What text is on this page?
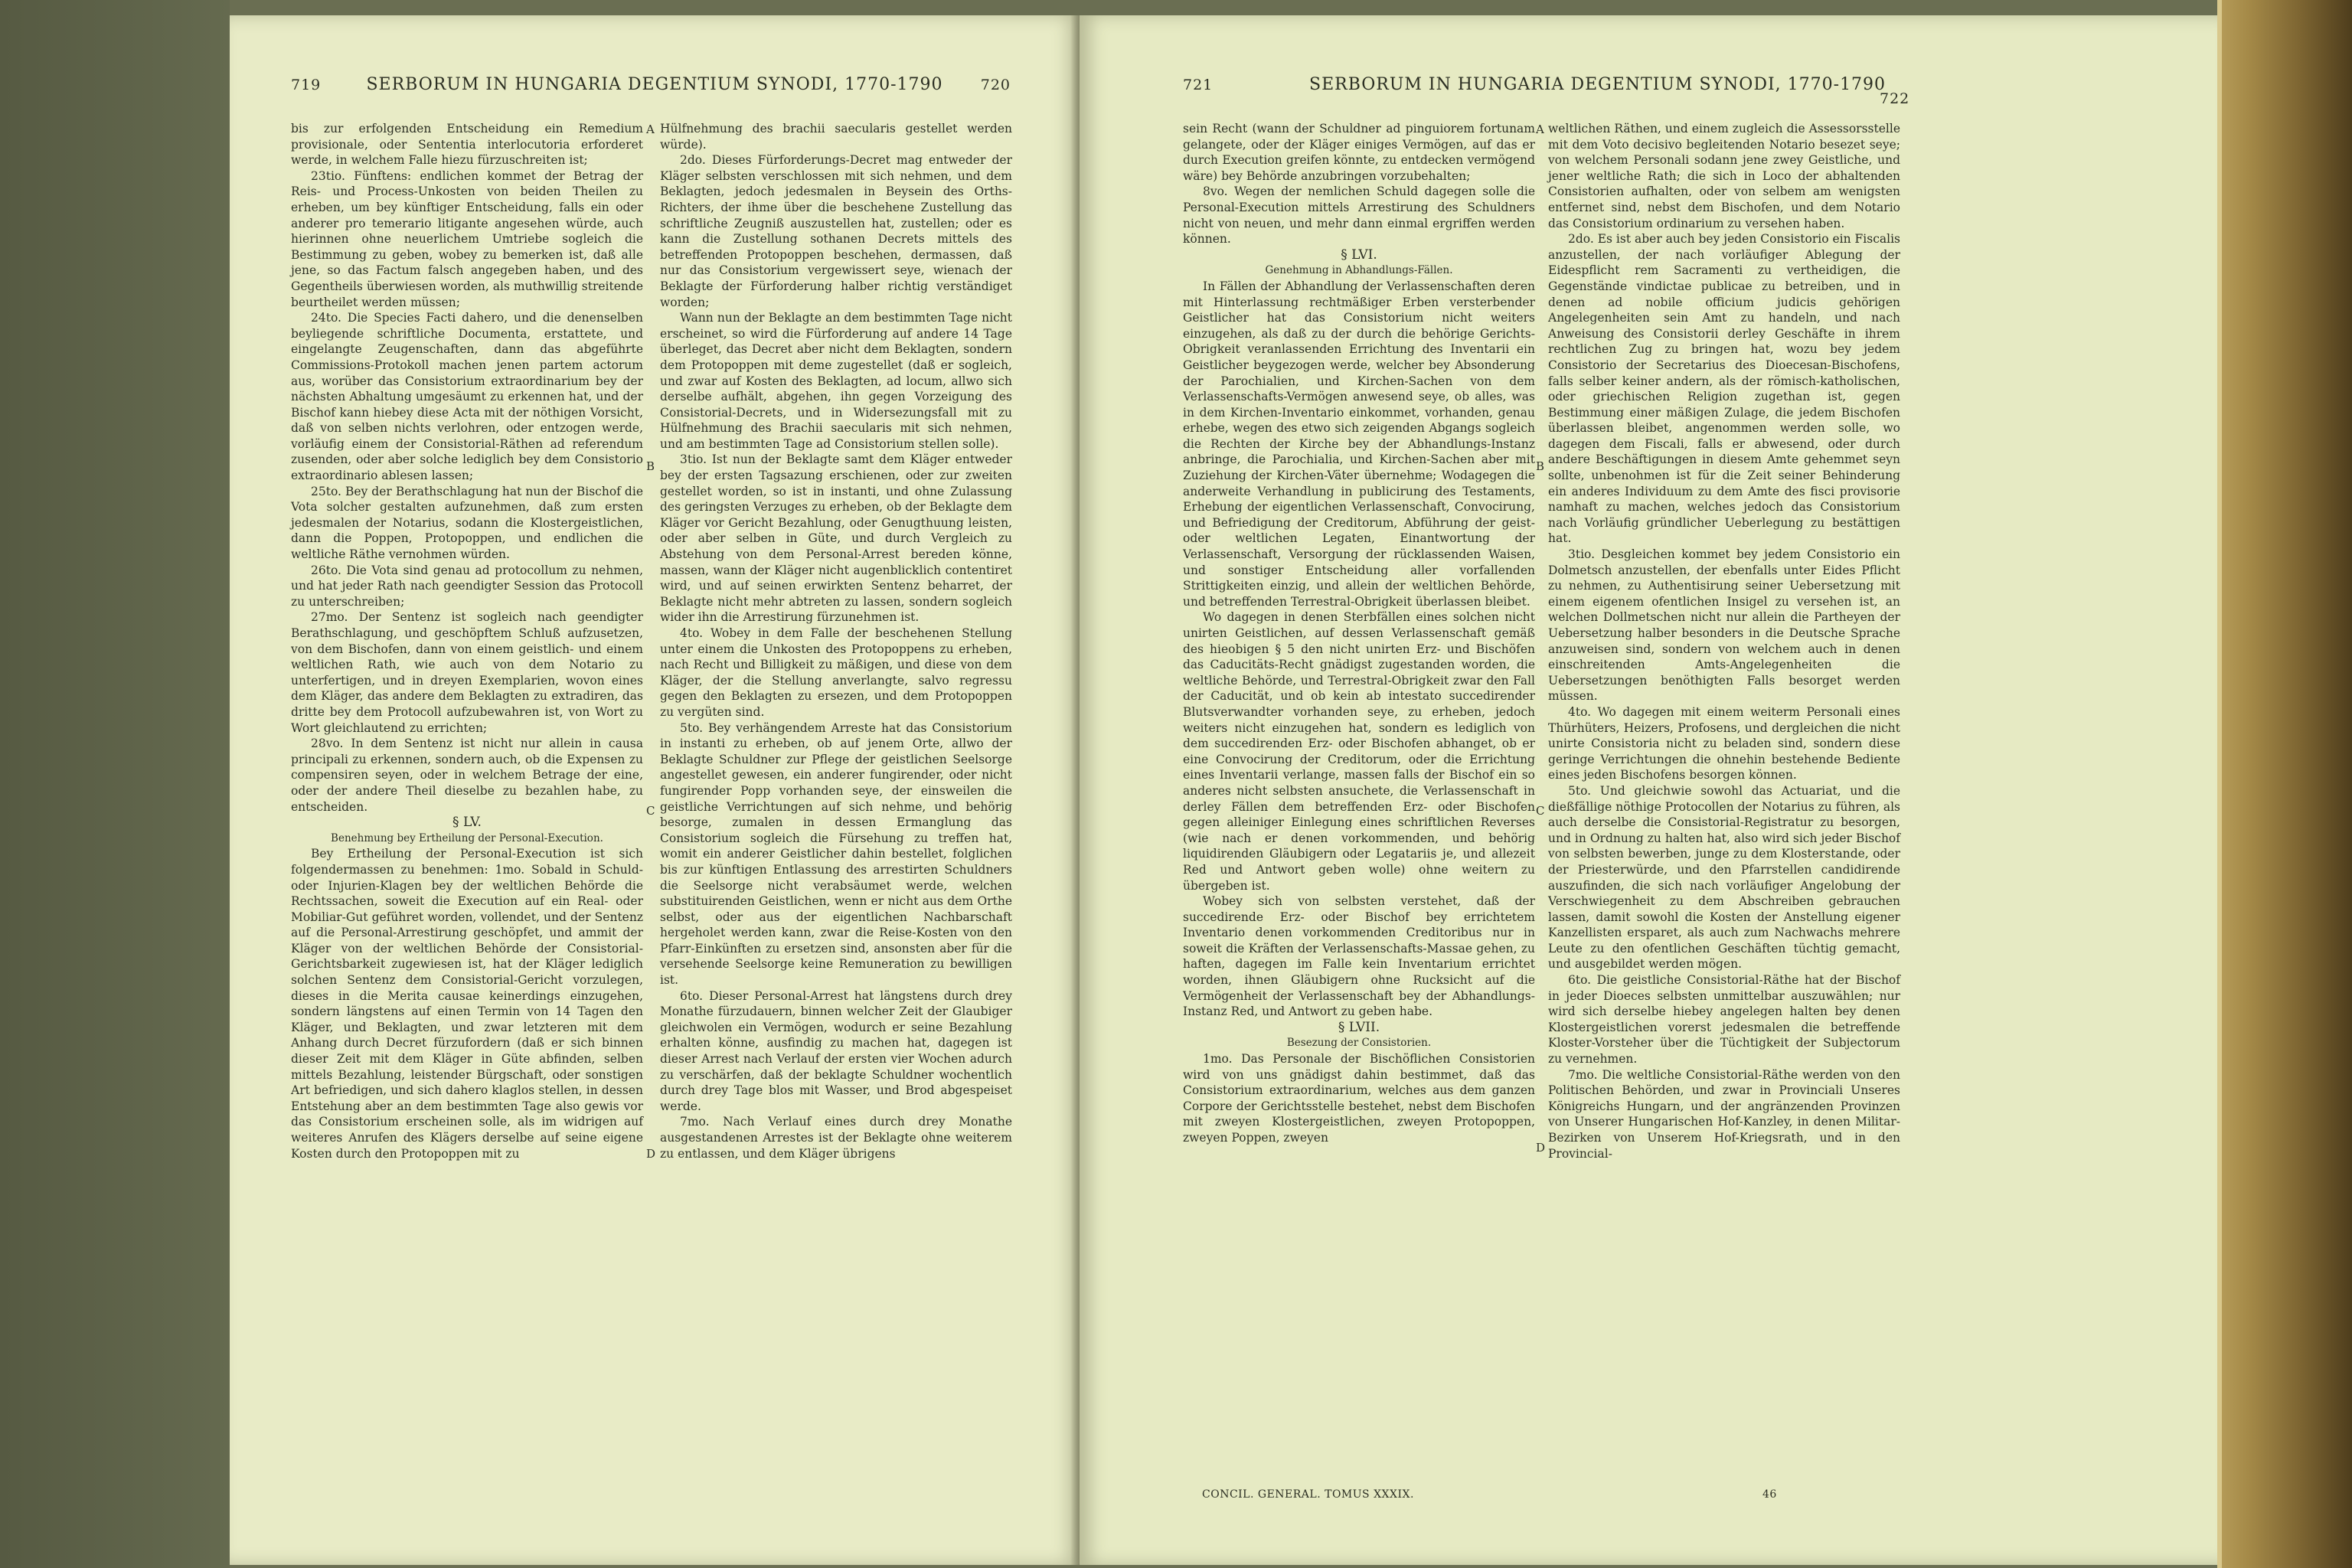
719	SERBORUM IN HUNGARIA DEGENTIUM SYNODI, 1770-1790	720

bis zur erfolgenden Entscheidung ein Remedium provisionale, oder Sententia interlocutoria erforderet werde, in welchem Falle hiezu fürzuschreiten ist;

23tio. Fünftens: endlichen kommet der Betrag der Reis- und Process-Unkosten von beiden Theilen zu erheben, um bey künftiger Entscheidung, falls ein oder anderer pro temerario litigante angesehen würde, auch hierinnen ohne neuerlichem Umtriebe sogleich die Bestimmung zu geben, wobey zu bemerken ist, daß alle jene, so das Factum falsch angegeben haben, und des Gegentheils überwiesen worden, als muthwillig streitende beurtheilet werden müssen;

24to. Die Species Facti dahero, und die denenselben beyliegende schriftliche Documenta, erstattete, und eingelangte Zeugenschaften, dann das abgeführte Commissions-Protokoll machen jenen partem actorum aus, worüber das Consistorium extraordinarium bey der nächsten Abhaltung umgesäumt zu erkennen hat, und der Bischof kann hiebey diese Acta mit der nöthigen Vorsicht, daß von selben nichts verlohren, oder entzogen werde, vorläufig einem der Consistorial-Räthen ad referendum zusenden, oder aber solche lediglich bey dem Consistorio extraordinario ablesen lassen;

25to. Bey der Berathschlagung hat nun der Bischof die Vota solcher gestalten aufzunehmen, daß zum ersten jedesmalen der Notarius, sodann die Klostergeistlichen, dann die Poppen, Protopoppen, und endlichen die weltliche Räthe vernohmen würden.

26to. Die Vota sind genau ad protocollum zu nehmen, und hat jeder Rath nach geendigter Session das Protocoll zu unterschreiben;

27mo. Der Sentenz ist sogleich nach geendigter Berathschlagung, und geschöpftem Schluß aufzusetzen, von dem Bischofen, dann von einem geistlich- und einem weltlichen Rath, wie auch von dem Notario zu unterfertigen, und in dreyen Exemplarien, wovon eines dem Kläger, das andere dem Beklagten zu extradiren, das dritte bey dem Protocoll aufzubewahren ist, von Wort zu Wort gleichlautend zu errichten;

28vo. In dem Sentenz ist nicht nur allein in causa principali zu erkennen, sondern auch, ob die Expensen zu compensiren seyen, oder in welchem Betrage der eine, oder der andere Theil dieselbe zu bezahlen habe, zu entscheiden.

§ LV.

Benehmung bey Ertheilung der Personal-Execution.

Bey Ertheilung der Personal-Execution ist sich folgendermassen zu benehmen: 1mo. Sobald in Schuld- oder Injurien-Klagen bey der weltlichen Behörde die Rechtssachen, soweit die Execution auf ein Real- oder Mobiliar-Gut geführet worden, vollendet, und der Sentenz auf die Personal-Arrestirung geschöpfet, und ammit der Kläger von der weltlichen Behörde der Consistorial-Gerichtsbarkeit zugewiesen ist, hat der Kläger lediglich solchen Sentenz dem Consistorial-Gericht vorzulegen, dieses in die Merita causae keinerdings einzugehen, sondern längstens auf einen Termin von 14 Tagen den Kläger, und Beklagten, und zwar letzteren mit dem Anhang durch Decret fürzufordern (daß er sich binnen dieser Zeit mit dem Kläger in Güte abfinden, selben mittels Bezahlung, leistender Bürgschaft, oder sonstigen Art befriedigen, und sich dahero klaglos stellen, in dessen Entstehung aber an dem bestimmten Tage also gewis vor das Consistorium erscheinen solle, als im widrigen auf weiteres Anrufen des Klägers derselbe auf seine eigene Kosten durch den Protopoppen mit zu

Hülfnehmung des brachii saecularis gestellet werden würde).

2do. Dieses Fürforderungs-Decret mag entweder der Kläger selbsten verschlossen mit sich nehmen, und dem Beklagten, jedoch jedesmalen in Beysein des Orths-Richters, der ihme über die beschehene Zustellung das schriftliche Zeugniß auszustellen hat, zustellen; oder es kann die Zustellung sothanen Decrets mittels des betreffenden Protopoppen beschehen, dermassen, daß nur das Consistorium vergewissert seye, wienach der Beklagte der Fürforderung halber richtig verständiget worden;

Wann nun der Beklagte an dem bestimmten Tage nicht erscheinet, so wird die Fürforderung auf andere 14 Tage überleget, das Decret aber nicht dem Beklagten, sondern dem Protopoppen mit deme zugestellet (daß er sogleich, und zwar auf Kosten des Beklagten, ad locum, allwo sich derselbe aufhält, abgehen, ihn gegen Vorzeigung des Consistorial-Decrets, und in Widersezungsfall mit zu Hülfnehmung des Brachii saecularis mit sich nehmen, und am bestimmten Tage ad Consistorium stellen solle).

3tio. Ist nun der Beklagte samt dem Kläger entweder bey der ersten Tagsazung erschienen, oder zur zweiten gestellet worden, so ist in instanti, und ohne Zulassung des geringsten Verzuges zu erheben, ob der Beklagte dem Kläger vor Gericht Bezahlung, oder Genugthuung leisten, oder aber selben in Güte, und durch Vergleich zu Abstehung von dem Personal-Arrest bereden könne, massen, wann der Kläger nicht augenblicklich contentiret wird, und auf seinen erwirkten Sentenz beharret, der Beklagte nicht mehr abtreten zu lassen, sondern sogleich wider ihn die Arrestirung fürzunehmen ist.

4to. Wobey in dem Falle der beschehenen Stellung unter einem die Unkosten des Protopoppens zu erheben, nach Recht und Billigkeit zu mäßigen, und diese von dem Kläger, der die Stellung anverlangte, salvo regressu gegen den Beklagten zu ersezen, und dem Protopoppen zu vergüten sind.

5to. Bey verhängendem Arreste hat das Consistorium in instanti zu erheben, ob auf jenem Orte, allwo der Beklagte Schuldner zur Pflege der geistlichen Seelsorge angestellet gewesen, ein anderer fungirender, oder nicht fungirender Popp vorhanden seye, der einsweilen die geistliche Verrichtungen auf sich nehme, und behörig besorge, zumalen in dessen Ermanglung das Consistorium sogleich die Fürsehung zu treffen hat, womit ein anderer Geistlicher dahin bestellet, folglichen bis zur künftigen Entlassung des arrestirten Schuldners die Seelsorge nicht verabsäumet werde, welchen substituirenden Geistlichen, wenn er nicht aus dem Orthe selbst, oder aus der eigentlichen Nachbarschaft hergeholet werden kann, zwar die Reise-Kosten von den Pfarr-Einkünften zu ersetzen sind, ansonsten aber für die versehende Seelsorge keine Remuneration zu bewilligen ist.

6to. Dieser Personal-Arrest hat längstens durch drey Monathe fürzudauern, binnen welcher Zeit der Glaubiger gleichwolen ein Vermögen, wodurch er seine Bezahlung erhalten könne, ausfindig zu machen hat, dagegen ist dieser Arrest nach Verlauf der ersten vier Wochen adurch zu verschärfen, daß der beklagte Schuldner wochentlich durch drey Tage blos mit Wasser, und Brod abgespeiset werde.

7mo. Nach Verlauf eines durch drey Monathe ausgestandenen Arrestes ist der Beklagte ohne weiterem zu entlassen, und dem Kläger übrigens

A
B
C
D
721	SERBORUM IN HUNGARIA DEGENTIUM SYNODI, 1770-1790
722

sein Recht (wann der Schuldner ad pinguiorem fortunam gelangete, oder der Kläger einiges Vermögen, auf das er durch Execution greifen könnte, zu entdecken vermögend wäre) bey Behörde anzubringen vorzubehalten;

8vo. Wegen der nemlichen Schuld dagegen solle die Personal-Execution mittels Arrestirung des Schuldners nicht von neuen, und mehr dann einmal ergriffen werden können.

§ LVI.

Genehmung in Abhandlungs-Fällen.

In Fällen der Abhandlung der Verlassenschaften deren mit Hinterlassung rechtmäßiger Erben versterbender Geistlicher hat das Consistorium nicht weiters einzugehen, als daß zu der durch die behörige Gerichts-Obrigkeit veranlassenden Errichtung des Inventarii ein Geistlicher beygezogen werde, welcher bey Absonderung der Parochialien, und Kirchen-Sachen von dem Verlassenschafts-Vermögen anwesend seye, ob alles, was in dem Kirchen-Inventario einkommet, vorhanden, genau erhebe, wegen des etwo sich zeigenden Abgangs sogleich die Rechten der Kirche bey der Abhandlungs-Instanz anbringe, die Parochialia, und Kirchen-Sachen aber mit Zuziehung der Kirchen-Väter übernehme; Wodagegen die anderweite Verhandlung in publicirung des Testaments, Erhebung der eigentlichen Verlassenschaft, Convocirung, und Befriedigung der Creditorum, Abführung der geist- oder weltlichen Legaten, Einantwortung der Verlassenschaft, Versorgung der rücklassenden Waisen, und sonstiger Entscheidung aller vorfallenden Strittigkeiten einzig, und allein der weltlichen Behörde, und betreffenden Terrestral-Obrigkeit überlassen bleibet.

Wo dagegen in denen Sterbfällen eines solchen nicht unirten Geistlichen, auf dessen Verlassenschaft gemäß des hieobigen § 5 den nicht unirten Erz- und Bischöfen das Caducitäts-Recht gnädigst zugestanden worden, die weltliche Behörde, und Terrestral-Obrigkeit zwar den Fall der Caducität, und ob kein ab intestato succedirender Blutsverwandter vorhanden seye, zu erheben, jedoch weiters nicht einzugehen hat, sondern es lediglich von dem succedirenden Erz- oder Bischofen abhanget, ob er eine Convocirung der Creditorum, oder die Errichtung eines Inventarii verlange, massen falls der Bischof ein so anderes nicht selbsten ansuchete, die Verlassenschaft in derley Fällen dem betreffenden Erz- oder Bischofen gegen alleiniger Einlegung eines schriftlichen Reverses (wie nach er denen vorkommenden, und behörig liquidirenden Gläubigern oder Legatariis je, und allezeit Red und Antwort geben wolle) ohne weitern zu übergeben ist.

Wobey sich von selbsten verstehet, daß der succedirende Erz- oder Bischof bey errichtetem Inventario denen vorkommenden Creditoribus nur in soweit die Kräften der Verlassenschafts-Massae gehen, zu haften, dagegen im Falle kein Inventarium errichtet worden, ihnen Gläubigern ohne Rucksicht auf die Vermögenheit der Verlassenschaft bey der Abhandlungs-Instanz Red, und Antwort zu geben habe.

§ LVII.

Besezung der Consistorien.

1mo. Das Personale der Bischöflichen Consistorien wird von uns gnädigst dahin bestimmet, daß das Consistorium extraordinarium, welches aus dem ganzen Corpore der Gerichtsstelle bestehet, nebst dem Bischofen mit zweyen Klostergeistlichen, zweyen Protopoppen, zweyen Poppen, zweyen

weltlichen Räthen, und einem zugleich die Assessorsstelle mit dem Voto decisivo begleitenden Notario besezet seye; von welchem Personali sodann jene zwey Geistliche, und jener weltliche Rath; die sich in Loco der abhaltenden Consistorien aufhalten, oder von selbem am wenigsten entfernet sind, nebst dem Bischofen, und dem Notario das Consistorium ordinarium zu versehen haben.

2do. Es ist aber auch bey jeden Consistorio ein Fiscalis anzustellen, der nach vorläufiger Ablegung der Eidespflicht rem Sacramenti zu vertheidigen, die Gegenstände vindictae publicae zu betreiben, und in denen ad nobile officium judicis gehörigen Angelegenheiten sein Amt zu handeln, und nach Anweisung des Consistorii derley Geschäfte in ihrem rechtlichen Zug zu bringen hat, wozu bey jedem Consistorio der Secretarius des Dioecesan-Bischofens, falls selber keiner andern, als der römisch-katholischen, oder griechischen Religion zugethan ist, gegen Bestimmung einer mäßigen Zulage, die jedem Bischofen überlassen bleibet, angenommen werden solle, wo dagegen dem Fiscali, falls er abwesend, oder durch andere Beschäftigungen in diesem Amte gehemmet seyn sollte, unbenohmen ist für die Zeit seiner Behinderung ein anderes Individuum zu dem Amte des fisci provisorie namhaft zu machen, welches jedoch das Consistorium nach Vorläufig gründlicher Ueberlegung zu bestättigen hat.

3tio. Desgleichen kommet bey jedem Consistorio ein Dolmetsch anzustellen, der ebenfalls unter Eides Pflicht zu nehmen, zu Authentisirung seiner Uebersetzung mit einem eigenem ofentlichen Insigel zu versehen ist, an welchen Dollmetschen nicht nur allein die Partheyen der Uebersetzung halber besonders in die Deutsche Sprache anzuweisen sind, sondern von welchem auch in denen einschreitenden Amts-Angelegenheiten die Uebersetzungen benöthigten Falls besorget werden müssen.

4to. Wo dagegen mit einem weiterm Personali eines Thürhüters, Heizers, Profosens, und dergleichen die nicht unirte Consistoria nicht zu beladen sind, sondern diese geringe Verrichtungen die ohnehin bestehende Bediente eines jeden Bischofens besorgen können.

5to. Und gleichwie sowohl das Actuariat, und die dießfällige nöthige Protocollen der Notarius zu führen, als auch derselbe die Consistorial-Registratur zu besorgen, und in Ordnung zu halten hat, also wird sich jeder Bischof von selbsten bewerben, junge zu dem Klosterstande, oder der Priesterwürde, und den Pfarrstellen candidirende auszufinden, die sich nach vorläufiger Angelobung der Verschwiegenheit zu dem Abschreiben gebrauchen lassen, damit sowohl die Kosten der Anstellung eigener Kanzellisten ersparet, als auch zum Nachwachs mehrere Leute zu den ofentlichen Geschäften tüchtig gemacht, und ausgebildet werden mögen.

6to. Die geistliche Consistorial-Räthe hat der Bischof in jeder Dioeces selbsten unmittelbar auszuwählen; nur wird sich derselbe hiebey angelegen halten bey denen Klostergeistlichen vorerst jedesmalen die betreffende Kloster-Vorsteher über die Tüchtigkeit der Subjectorum zu vernehmen.

7mo. Die weltliche Consistorial-Räthe werden von den Politischen Behörden, und zwar in Provinciali Unseres Königreichs Hungarn, und der angränzenden Provinzen von Unserer Hungarischen Hof-Kanzley, in denen Militar-Bezirken von Unserem Hof-Kriegsrath, und in den Provincial-

A
B
C
D
CONCIL. GENERAL. TOMUS XXXIX.	46
